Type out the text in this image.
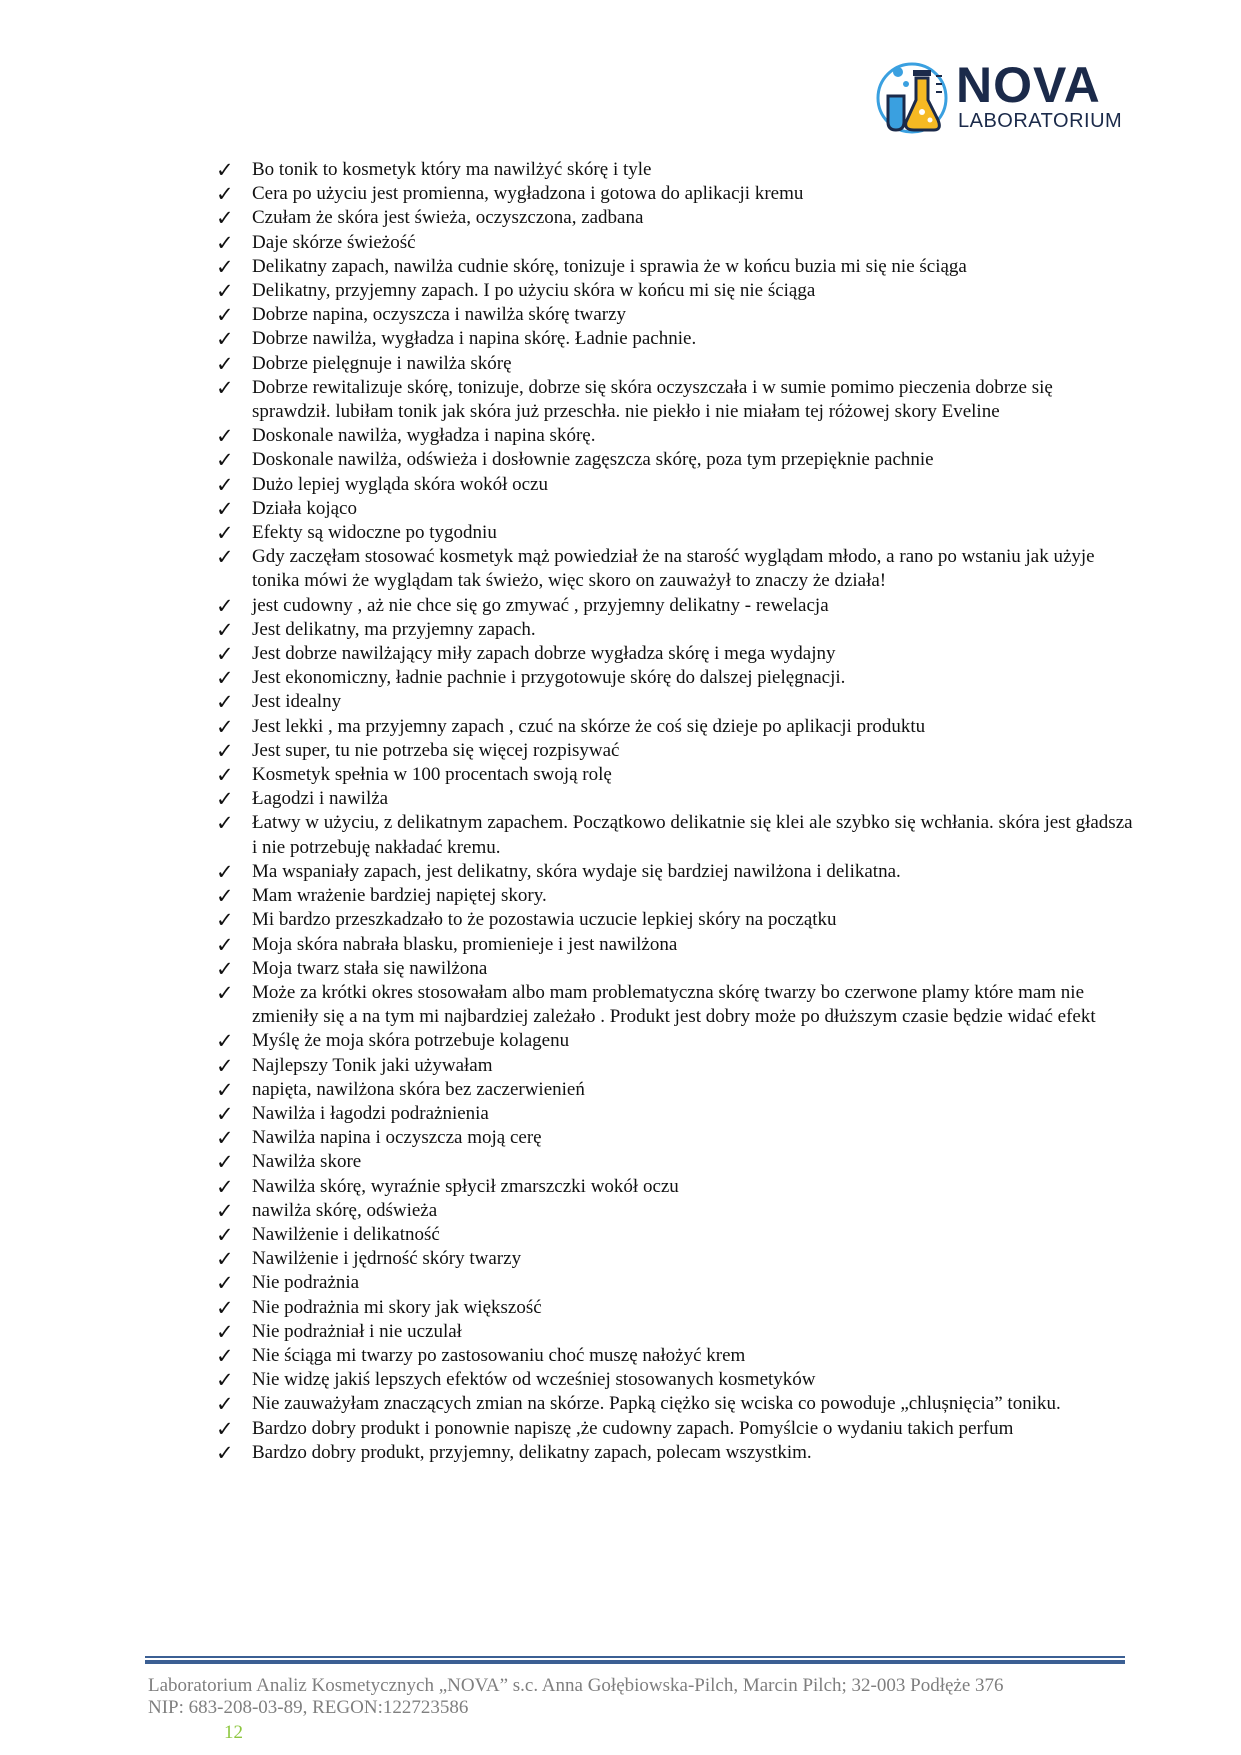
NOVA
LABORATORIUM
✓ Bo tonik to kosmetyk który ma nawilżyć skórę i tyle
✓ Cera po użyciu jest promienna, wygładzona i gotowa do aplikacji kremu
✓ Czułam że skóra jest świeża, oczyszczona, zadbana
✓ Daje skórze świeżość
✓ Delikatny zapach, nawilża cudnie skórę, tonizuje i sprawia że w końcu buzia mi się nie ściąga
✓ Delikatny, przyjemny zapach. I po użyciu skóra w końcu mi się nie ściąga
✓ Dobrze napina, oczyszcza i nawilża skórę twarzy
✓ Dobrze nawilża, wygładza i napina skórę. Ładnie pachnie.
✓ Dobrze pielęgnuje i nawilża skórę
✓ Dobrze rewitalizuje skórę, tonizuje, dobrze się skóra oczyszczała i w sumie pomimo pieczenia dobrze się sprawdził. lubiłam tonik jak skóra już przeschła. nie piekło i nie miałam tej różowej skory Eveline
✓ Doskonale nawilża, wygładza i napina skórę.
✓ Doskonale nawilża, odświeża i dosłownie zagęszcza skórę, poza tym przepięknie pachnie
✓ Dużo lepiej wygląda skóra wokół oczu
✓ Działa kojąco
✓ Efekty są widoczne po tygodniu
✓ Gdy zaczęłam stosować kosmetyk mąż powiedział że na starość wyglądam młodo, a rano po wstaniu jak użyje tonika mówi że wyglądam tak świeżo, więc skoro on zauważył to znaczy że działa!
✓ jest cudowny , aż nie chce się go zmywać , przyjemny delikatny - rewelacja
✓ Jest delikatny, ma przyjemny zapach.
✓ Jest dobrze nawilżający miły zapach dobrze wygładza skórę i mega wydajny
✓ Jest ekonomiczny, ładnie pachnie i przygotowuje skórę do dalszej pielęgnacji.
✓ Jest idealny
✓ Jest lekki , ma przyjemny zapach , czuć na skórze że coś się dzieje po aplikacji produktu
✓ Jest super, tu nie potrzeba się więcej rozpisywać
✓ Kosmetyk spełnia w 100 procentach swoją rolę
✓ Łagodzi i nawilża
✓ Łatwy w użyciu, z delikatnym zapachem. Początkowo delikatnie się klei ale szybko się wchłania. skóra jest gładsza i nie potrzebuję nakładać kremu.
✓ Ma wspaniały zapach, jest delikatny, skóra wydaje się bardziej nawilżona i delikatna.
✓ Mam wrażenie bardziej napiętej skory.
✓ Mi bardzo przeszkadzało to że pozostawia uczucie lepkiej skóry na początku
✓ Moja skóra nabrała blasku, promienieje i jest nawilżona
✓ Moja twarz stała się nawilżona
✓ Może za krótki okres stosowałam albo mam problematyczna skórę twarzy bo czerwone plamy które mam nie zmieniły się a na tym mi najbardziej zależało . Produkt jest dobry może po dłuższym czasie będzie widać efekt
✓ Myślę że moja skóra potrzebuje kolagenu
✓ Najlepszy Tonik jaki używałam
✓ napięta, nawilżona skóra bez zaczerwienień
✓ Nawilża i łagodzi podrażnienia
✓ Nawilża napina i oczyszcza moją cerę
✓ Nawilża skore
✓ Nawilża skórę, wyraźnie spłycił zmarszczki wokół oczu
✓ nawilża skórę, odświeża
✓ Nawilżenie i delikatność
✓ Nawilżenie i jędrność skóry twarzy
✓ Nie podrażnia
✓ Nie podrażnia mi skory jak większość
✓ Nie podrażniał i nie uczulał
✓ Nie ściąga mi twarzy po zastosowaniu choć muszę nałożyć krem
✓ Nie widzę jakiś lepszych efektów od wcześniej stosowanych kosmetyków
✓ Nie zauważyłam znaczących zmian na skórze. Papką ciężko się wciska co powoduje „chlușnięcia” toniku.
✓ Bardzo dobry produkt i ponownie napiszę ,że cudowny zapach. Pomyślcie o wydaniu takich perfum
✓ Bardzo dobry produkt, przyjemny, delikatny zapach, polecam wszystkim.
Laboratorium Analiz Kosmetycznych „NOVA” s.c. Anna Gołębiowska-Pilch, Marcin Pilch; 32-003 Podłęże 376
NIP: 683-208-03-89, REGON:122723586
12
